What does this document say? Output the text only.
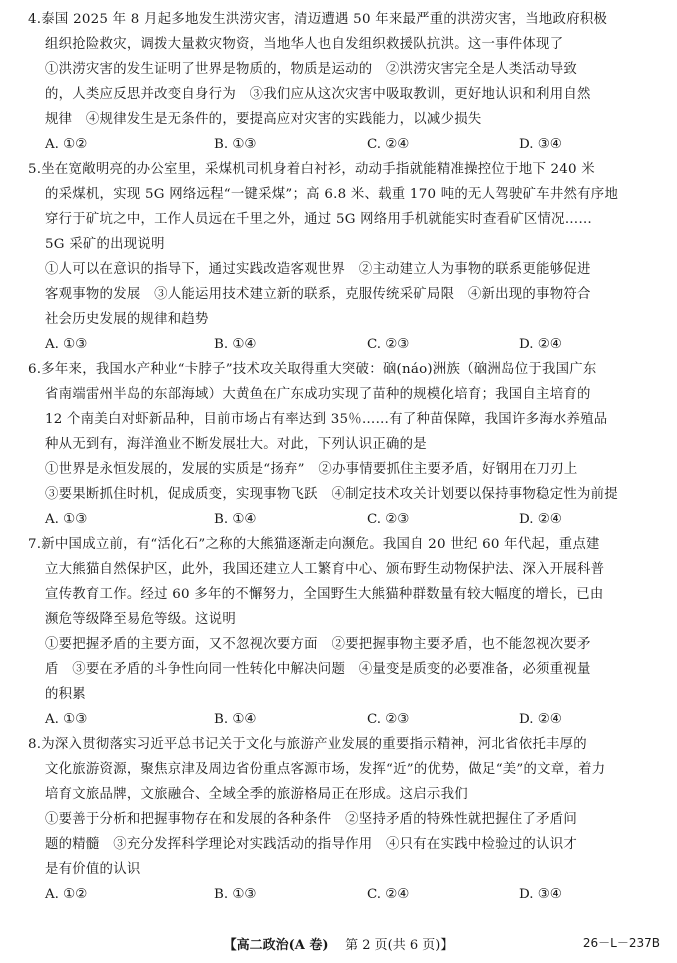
4.泰国 2025 年 8 月起多地发生洪涝灾害，清迈遭遇 50 年来最严重的洪涝灾害，当地政府积极

组织抢险救灾，调拨大量救灾物资，当地华人也自发组织救援队抗洪。这一事件体现了

①洪涝灾害的发生证明了世界是物质的，物质是运动的　②洪涝灾害完全是人类活动导致

的，人类应反思并改变自身行为　③我们应从这次灾害中吸取教训，更好地认识和利用自然

规律　④规律发生是无条件的，要提高应对灾害的实践能力，以减少损失

A. ①②	B. ①③	C. ②④	D. ③④

5.坐在宽敞明亮的办公室里，采煤机司机身着白衬衫，动动手指就能精准操控位于地下 240 米

的采煤机，实现 5G 网络远程“一键采煤”；高 6.8 米、载重 170 吨的无人驾驶矿车井然有序地

穿行于矿坑之中，工作人员远在千里之外，通过 5G 网络用手机就能实时查看矿区情况……

5G 采矿的出现说明

①人可以在意识的指导下，通过实践改造客观世界　②主动建立人为事物的联系更能够促进

客观事物的发展　③人能运用技术建立新的联系，克服传统采矿局限　④新出现的事物符合

社会历史发展的规律和趋势

A. ①③	B. ①④	C. ②③	D. ②④

6.多年来，我国水产种业“卡脖子”技术攻关取得重大突破：硇(náo)洲族（硇洲岛位于我国广东

省南端雷州半岛的东部海域）大黄鱼在广东成功实现了苗种的规模化培育；我国自主培育的

12 个南美白对虾新品种，目前市场占有率达到 35％……有了种苗保障，我国许多海水养殖品

种从无到有，海洋渔业不断发展壮大。对此，下列认识正确的是

①世界是永恒发展的，发展的实质是“扬弃”　②办事情要抓住主要矛盾，好钢用在刀刃上

③要果断抓住时机，促成质变，实现事物飞跃　④制定技术攻关计划要以保持事物稳定性为前提

A. ①③	B. ①④	C. ②③	D. ②④

7.新中国成立前，有“活化石”之称的大熊猫逐渐走向濒危。我国自 20 世纪 60 年代起，重点建

立大熊猫自然保护区，此外，我国还建立人工繁育中心、颁布野生动物保护法、深入开展科普

宣传教育工作。经过 60 多年的不懈努力，全国野生大熊猫种群数量有较大幅度的增长，已由

濒危等级降至易危等级。这说明

①要把握矛盾的主要方面，又不忽视次要方面　②要把握事物主要矛盾，也不能忽视次要矛

盾　③要在矛盾的斗争性向同一性转化中解决问题　④量变是质变的必要准备，必须重视量

的积累

A. ①③	B. ①④	C. ②③	D. ②④

8.为深入贯彻落实习近平总书记关于文化与旅游产业发展的重要指示精神，河北省依托丰厚的

文化旅游资源，聚焦京津及周边省份重点客源市场，发挥“近”的优势，做足“美”的文章，着力

培育文旅品牌，文旅融合、全域全季的旅游格局正在形成。这启示我们

①要善于分析和把握事物存在和发展的各种条件　②坚持矛盾的特殊性就把握住了矛盾问

题的精髓　③充分发挥科学理论对实践活动的指导作用　④只有在实践中检验过的认识才

是有价值的认识

A. ①②	B. ①③	C. ②④	D. ③④
【高二政治(A 卷) 第 2 页(共 6 页)】	26－L－237B
